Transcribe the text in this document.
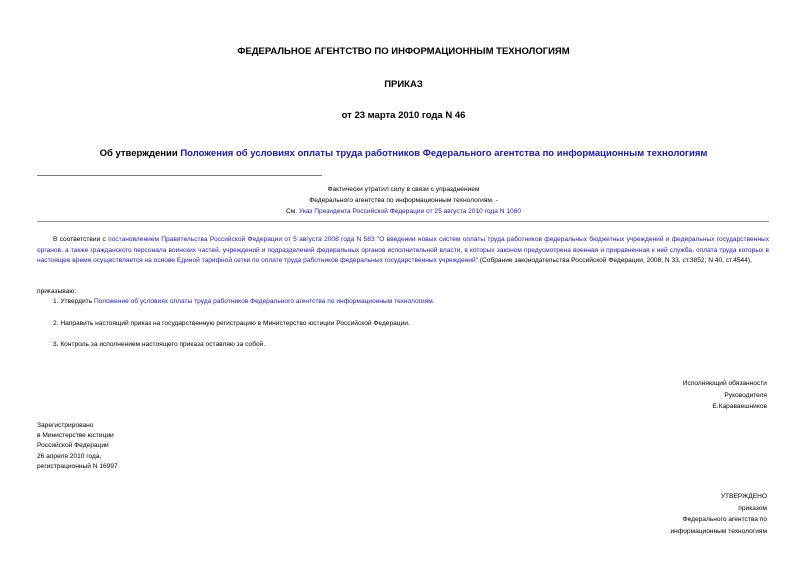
ФЕДЕРАЛЬНОЕ АГЕНТСТВО ПО ИНФОРМАЦИОННЫМ ТЕХНОЛОГИЯМ
ПРИКАЗ
от 23 марта 2010 года N 46
Об утверждении Положения об условиях оплаты труда работников Федерального агентства по информационным технологиям
Фактически утратил силу в связи с упразднением
Федерального агентства по информационным технологиям. -
См. Указ Президента Российской Федерации от 25 августа 2010 года N 1060
В соответствии с постановлением Правительства Российской Федерации от 5 августа 2008 года N 583 "О введении новых систем оплаты труда работников федеральных бюджетных учреждений и федеральных государственных органов, а также гражданского персонала воинских частей, учреждений и подразделений федеральных органов исполнительной власти, в которых законом предусмотрена военная и приравненная к ней служба, оплата труда которых в настоящее время осуществляется на основе Единой тарифной сетки по оплате труда работников федеральных государственных учреждений" (Собрание законодательства Российской Федерации, 2008, N 33, ст.3852; N 40, ст.4544),
приказываю:
1. Утвердить Положение об условиях оплаты труда работников Федерального агентства по информационным технологиям.
2. Направить настоящий приказ на государственную регистрацию в Министерство юстиции Российской Федерации.
3. Контроль за исполнением настоящего приказа оставляю за собой.
Исполняющий обязанности
Руководителя
Е.Караваешников
Зарегистрировано
в Министерстве юстиции
Российской Федерации
26 апреля 2010 года,
регистрационный N 16997
УТВЕРЖДЕНО
приказом
Федерального агентства по
информационным технологиям
